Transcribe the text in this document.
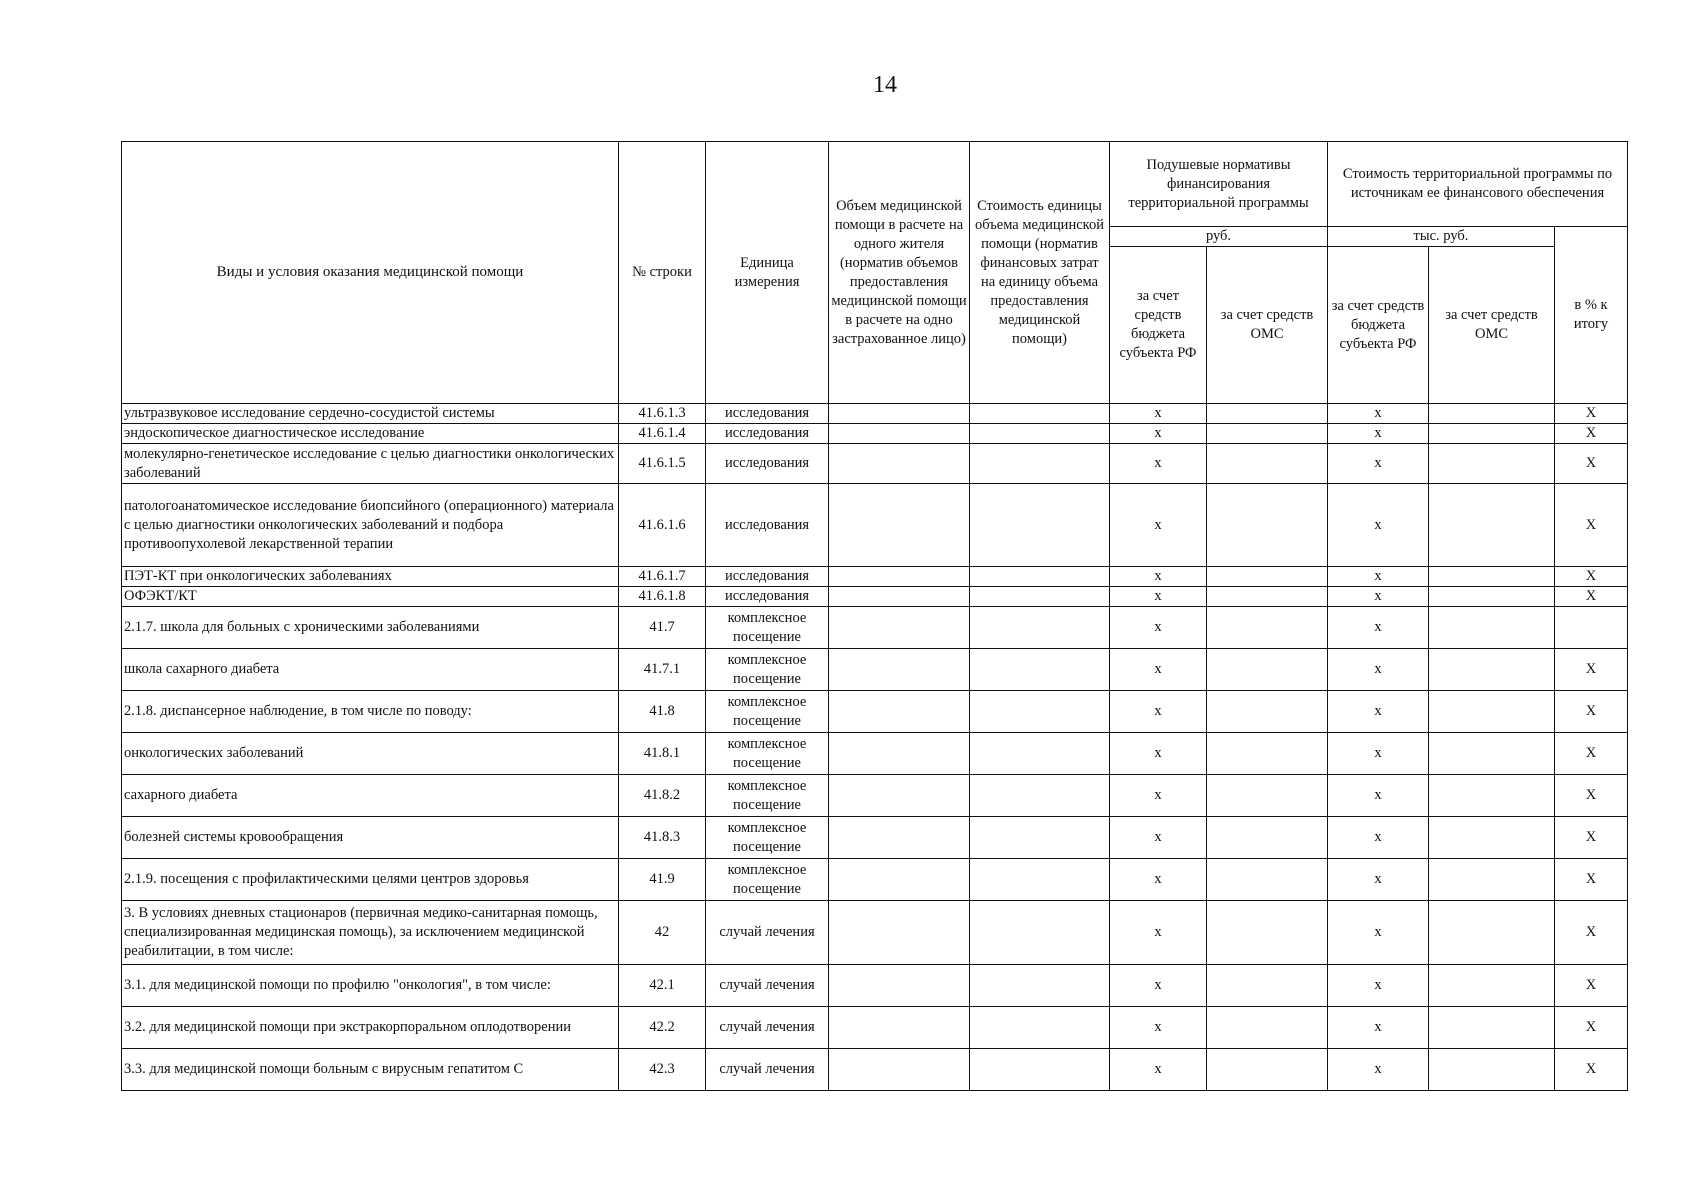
14
Виды и условия оказания медицинской помощи	№ строки	Единица измерения	Объем медицинской помощи в расчете на одного жителя (норматив объемов предоставления медицинской помощи в расчете на одно застрахованное лицо)	Стоимость единицы объема медицинской помощи (норматив финансовых затрат на единицу объема предоставления медицинской помощи)	Подушевые нормативы финансирования территориальной программы		Стоимость территориальной программы по источникам ее финансового обеспечения		
					руб.		тыс. руб.		в % к итогу
					за счет средств бюджета субъекта РФ	за счет средств ОМС	за счет средств бюджета субъекта РФ	за счет средств ОМС	
ультразвуковое исследование сердечно-сосудистой системы	41.6.1.3	исследования			х		х		Х
эндоскопическое диагностическое исследование	41.6.1.4	исследования			х		х		Х
молекулярно-генетическое исследование с целью диагностики онкологических заболеваний	41.6.1.5	исследования			х		х		Х
патологоанатомическое исследование биопсийного (операционного) материала с целью диагностики онкологических заболеваний и подбора противоопухолевой лекарственной терапии	41.6.1.6	исследования			х		х		Х
ПЭТ-КТ при онкологических заболеваниях	41.6.1.7	исследования			х		х		Х
ОФЭКТ/КТ	41.6.1.8	исследования			х		х		Х
2.1.7. школа для больных с хроническими заболеваниями	41.7	комплексное посещение			х		х		
школа сахарного диабета	41.7.1	комплексное посещение			х		х		Х
2.1.8. диспансерное наблюдение, в том числе по поводу:	41.8	комплексное посещение			х		х		Х
онкологических заболеваний	41.8.1	комплексное посещение			х		х		Х
сахарного диабета	41.8.2	комплексное посещение			х		х		Х
болезней системы кровообращения	41.8.3	комплексное посещение			х		х		Х
2.1.9. посещения с профилактическими целями центров здоровья	41.9	комплексное посещение			х		х		Х
3. В условиях дневных стационаров (первичная медико-санитарная помощь, специализированная медицинская помощь), за исключением медицинской реабилитации, в том числе:	42	случай лечения			х		х		Х
3.1. для медицинской помощи по профилю "онкология", в том числе:	42.1	случай лечения			х		х		Х
3.2. для медицинской помощи при экстракорпоральном оплодотворении	42.2	случай лечения			х		х		Х
3.3. для медицинской помощи больным с вирусным гепатитом С	42.3	случай лечения			х		х		Х
